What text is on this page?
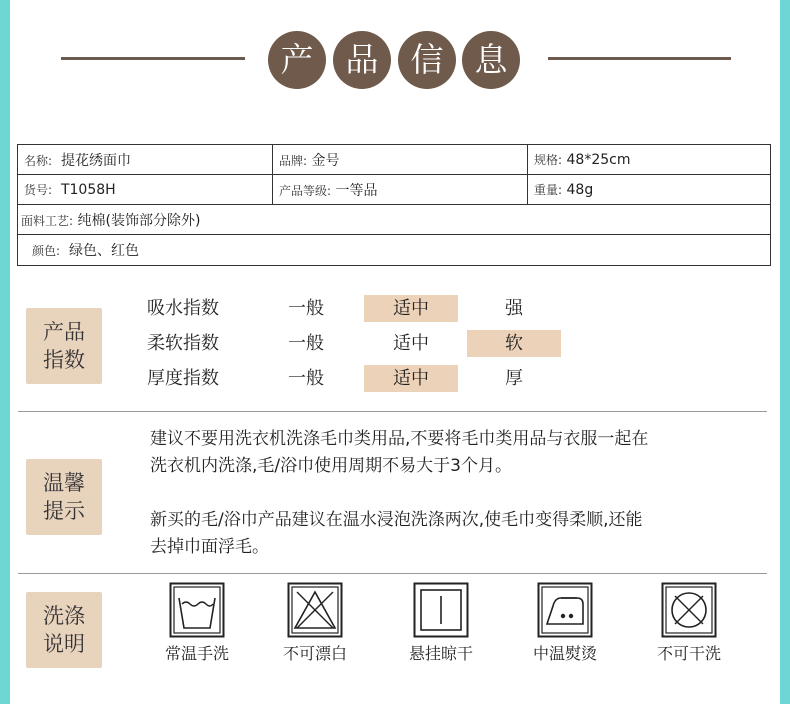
产 品 信 息
名称: 提花绣面巾	品牌: 金号	规格: 48*25cm
货号: T1058H	产品等级: 一等品	重量: 48g
面料工艺: 纯棉(装饰部分除外)		
颜色: 绿色、红色		
产品
指数
吸水指数	一般	适中	强
柔软指数	一般	适中	软
厚度指数	一般	适中	厚
温馨
提示
建议不要用洗衣机洗涤毛巾类用品,不要将毛巾类用品与衣服一起在
洗衣机内洗涤,毛/浴巾使用周期不易大于3个月。
新买的毛/浴巾产品建议在温水浸泡洗涤两次,使毛巾变得柔顺,还能
去掉巾面浮毛。
洗涤
说明	常温手洗	不可漂白	悬挂晾干	中温熨烫	不可干洗
